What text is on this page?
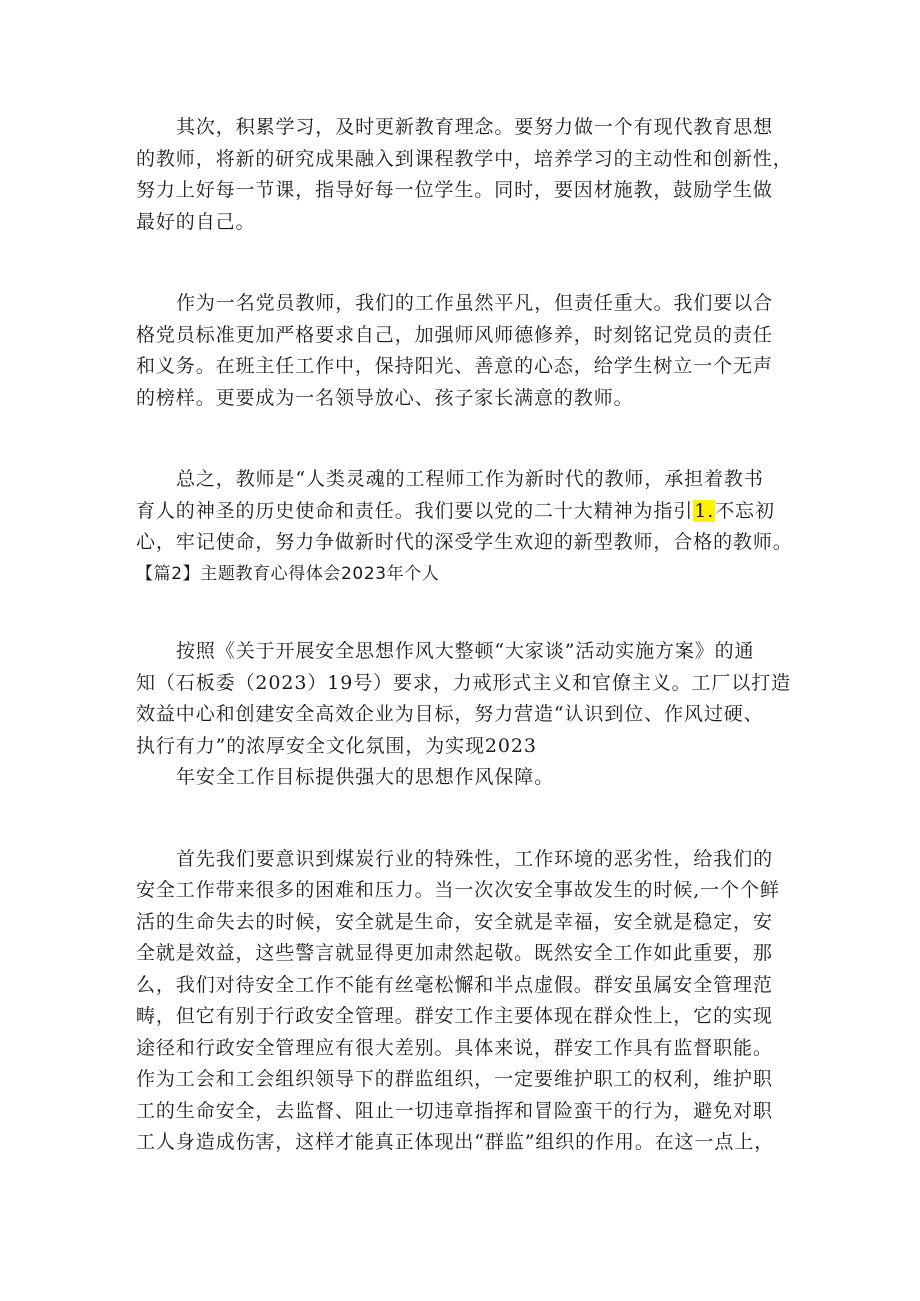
其次，积累学习，及时更新教育理念。要努力做一个有现代教育思想
的教师，将新的研究成果融入到课程教学中，培养学习的主动性和创新性，
努力上好每一节课，指导好每一位学生。同时，要因材施教，鼓励学生做
最好的自己。
作为一名党员教师，我们的工作虽然平凡，但责任重大。我们要以合
格党员标准更加严格要求自己，加强师风师德修养，时刻铭记党员的责任
和义务。在班主任工作中，保持阳光、善意的心态，给学生树立一个无声
的榜样。更要成为一名领导放心、孩子家长满意的教师。
总之，教师是“人类灵魂的工程师工作为新时代的教师，承担着教书
育人的神圣的历史使命和责任。我们要以党的二十大精神为指引1.不忘初
心，牢记使命，努力争做新时代的深受学生欢迎的新型教师，合格的教师。
【篇2】主题教育心得体会2023年个人
按照《关于开展安全思想作风大整顿“大家谈”活动实施方案》的通
知（石板委（2023）19号）要求，力戒形式主义和官僚主义。工厂以打造
效益中心和创建安全高效企业为目标，努力营造“认识到位、作风过硬、
执行有力”的浓厚安全文化氛围，为实现2023
年安全工作目标提供强大的思想作风保障。
首先我们要意识到煤炭行业的特殊性，工作环境的恶劣性，给我们的
安全工作带来很多的困难和压力。当一次次安全事故发生的时候,一个个鲜
活的生命失去的时候，安全就是生命，安全就是幸福，安全就是稳定，安
全就是效益，这些警言就显得更加肃然起敬。既然安全工作如此重要，那
么，我们对待安全工作不能有丝毫松懈和半点虚假。群安虽属安全管理范
畴，但它有别于行政安全管理。群安工作主要体现在群众性上，它的实现
途径和行政安全管理应有很大差别。具体来说，群安工作具有监督职能。
作为工会和工会组织领导下的群监组织，一定要维护职工的权利，维护职
工的生命安全，去监督、阻止一切违章指挥和冒险蛮干的行为，避免对职
工人身造成伤害，这样才能真正体现出“群监”组织的作用。在这一点上，
